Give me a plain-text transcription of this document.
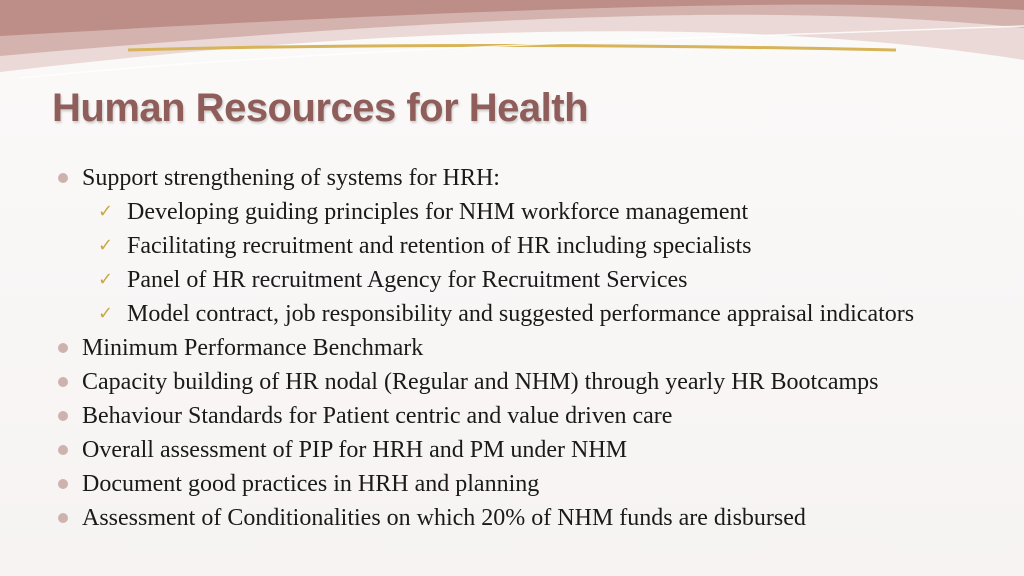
Human Resources for Health
Support strengthening of systems for HRH:
✓ Developing guiding principles for NHM workforce management
✓ Facilitating recruitment and retention of HR including specialists
✓ Panel of HR recruitment Agency for Recruitment Services
✓ Model contract, job responsibility and suggested performance appraisal indicators
Minimum Performance Benchmark
Capacity building of HR nodal (Regular and NHM) through yearly HR Bootcamps
Behaviour Standards for Patient centric and value driven care
Overall assessment of PIP for HRH and PM under NHM
Document good practices in HRH and planning
Assessment of Conditionalities on which 20% of NHM funds are disbursed
